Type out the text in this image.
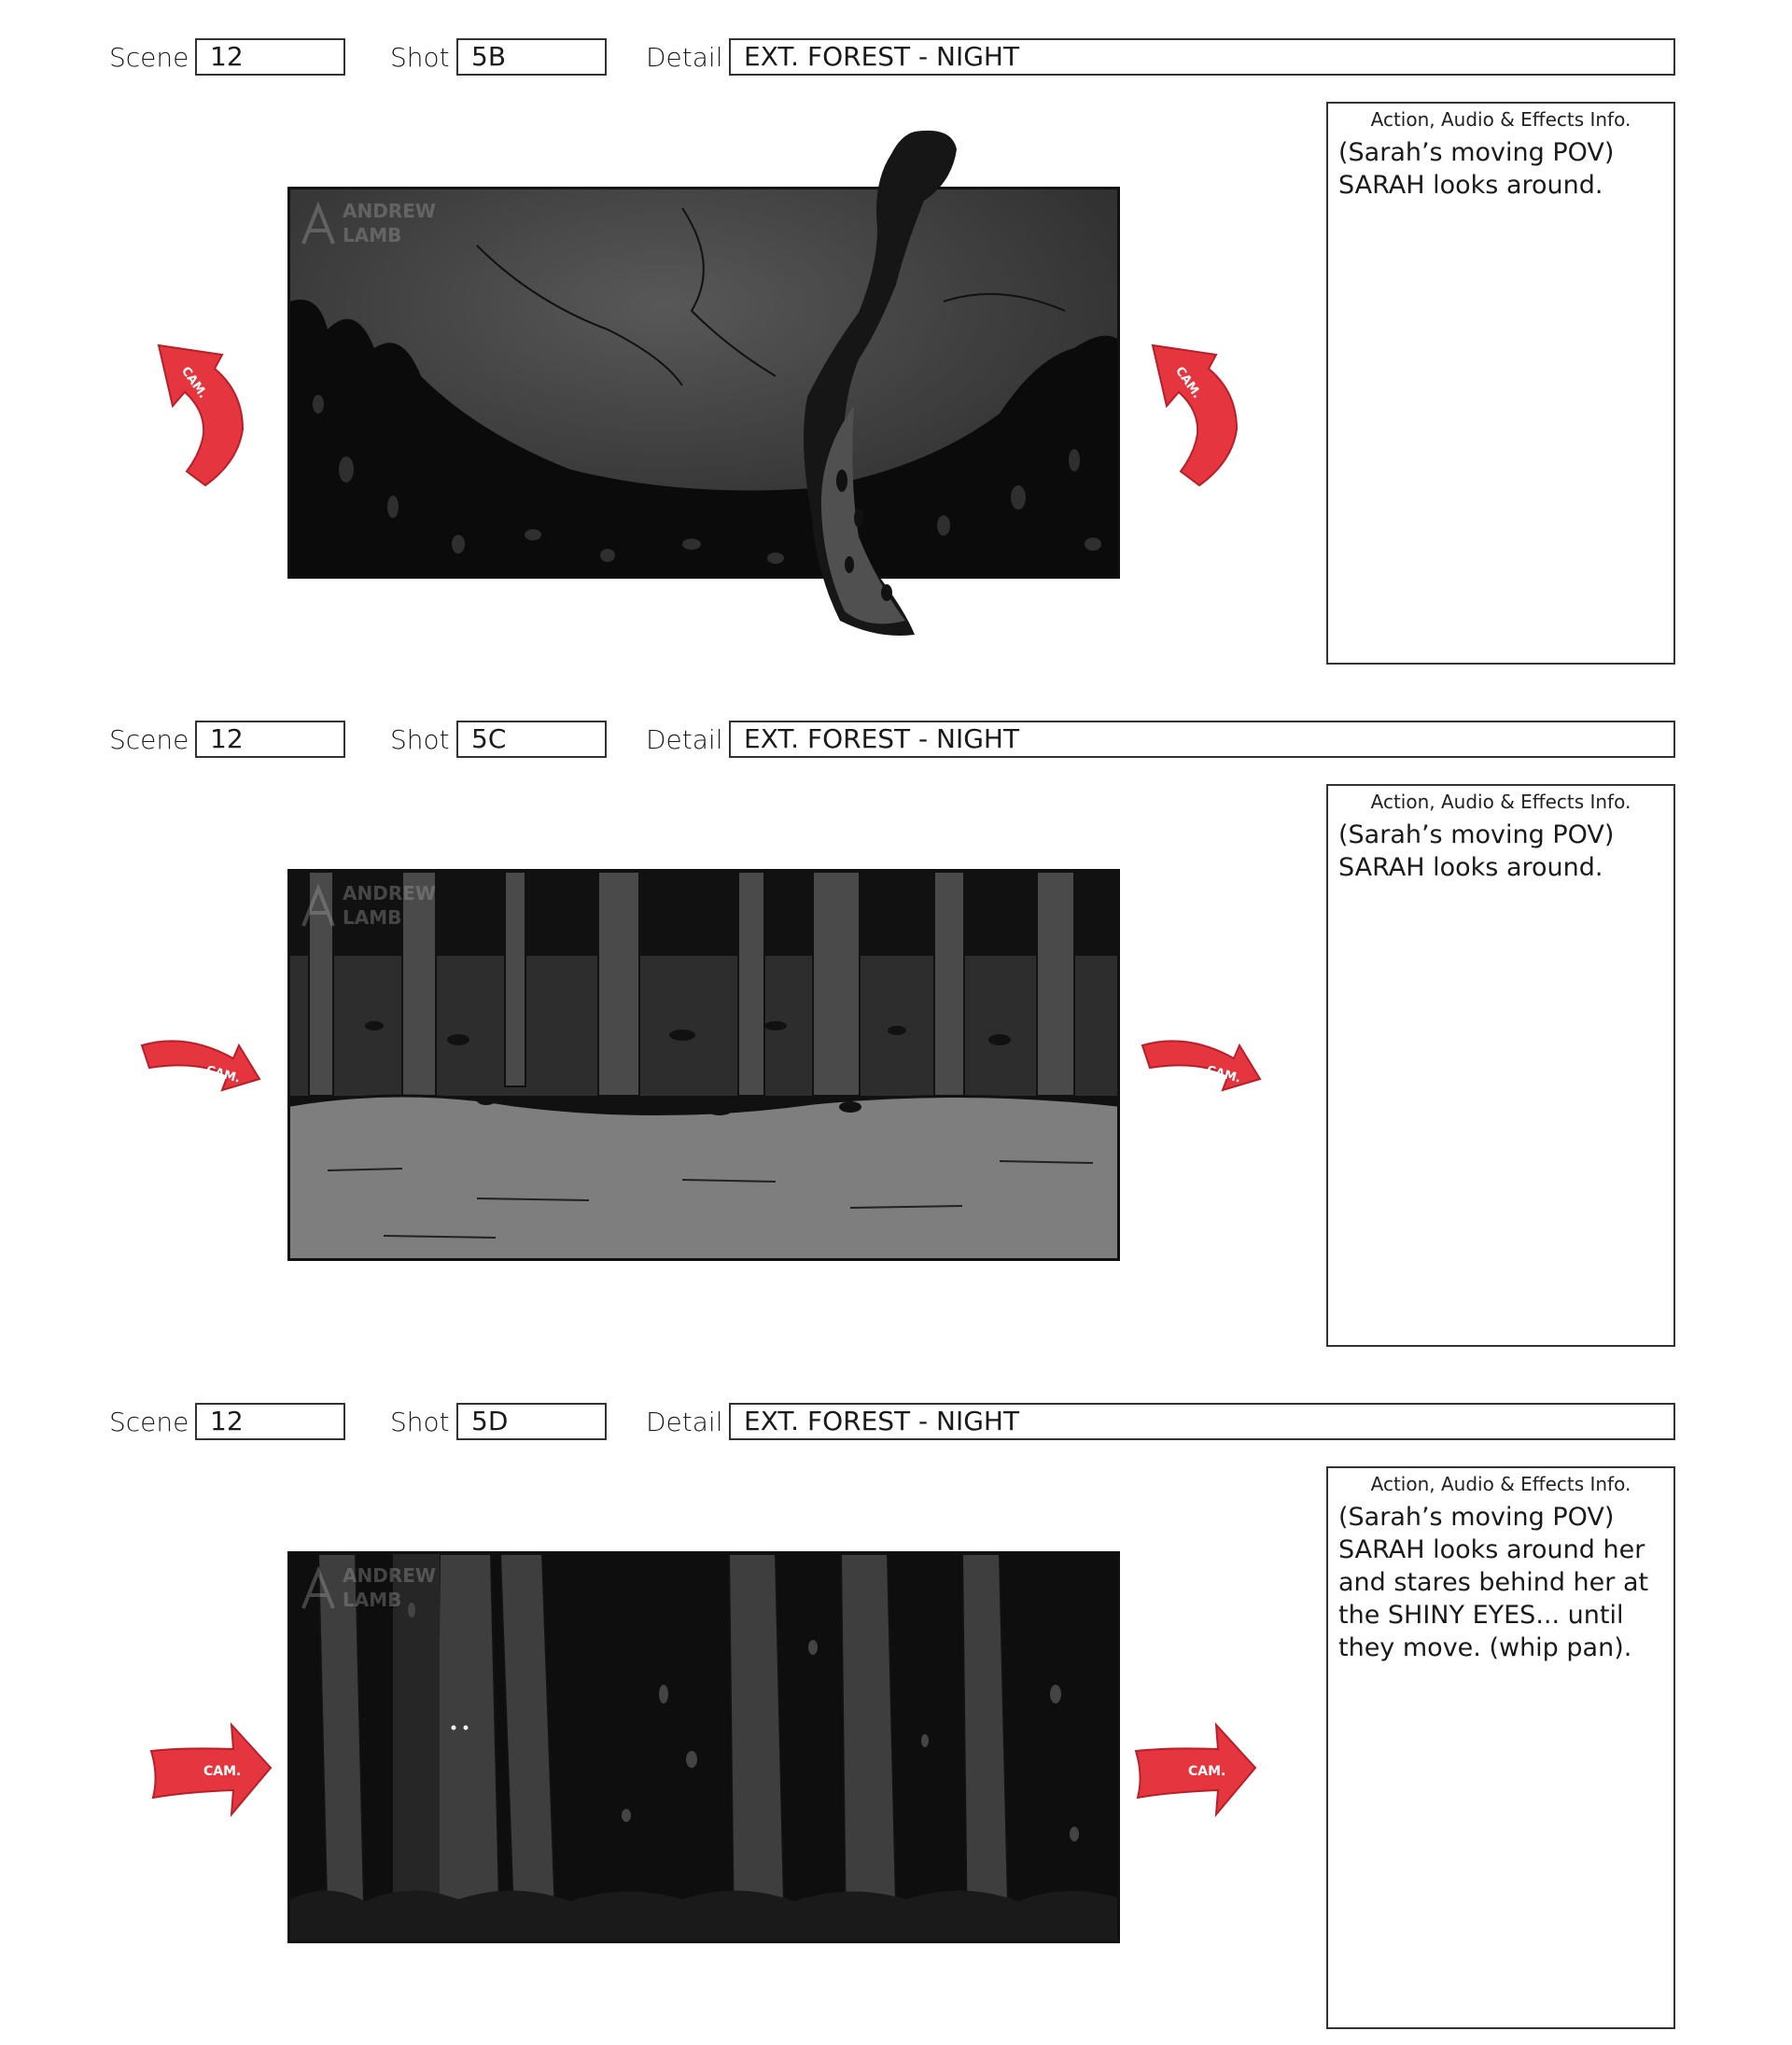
Scene 12	Shot 5B	Detail EXT. FOREST - NIGHT
ANDREW
LAMB
CAM.	CAM.
Action, Audio & Effects Info.
(Sarah’s moving POV) SARAH looks around.
Scene 12	Shot 5C	Detail EXT. FOREST - NIGHT
ANDREW
LAMB
CAM.	CAM.
Action, Audio & Effects Info.
(Sarah’s moving POV) SARAH looks around.
Scene 12	Shot 5D	Detail EXT. FOREST - NIGHT
ANDREW
LAMB
CAM.	CAM.
Action, Audio & Effects Info.
(Sarah’s moving POV) SARAH looks around her and stares behind her at the SHINY EYES... until they move. (whip pan).
